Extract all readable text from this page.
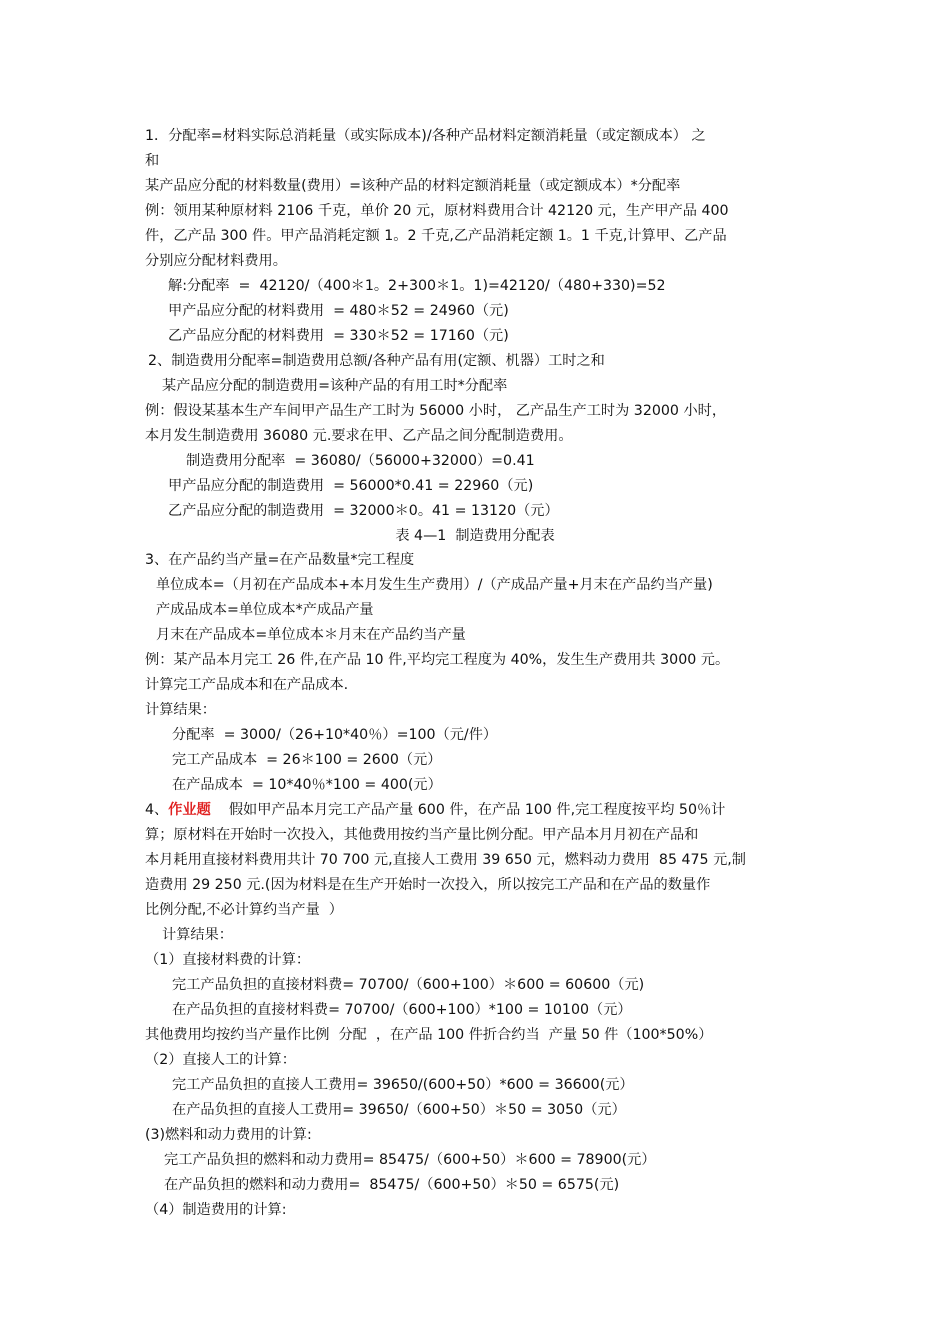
1．分配率=材料实际总消耗量（或实际成本)/各种产品材料定额消耗量（或定额成本） 之
和
某产品应分配的材料数量(费用）=该种产品的材料定额消耗量（或定额成本）*分配率
例：领用某种原材料 2106 千克，单价 20 元，原材料费用合计 42120 元，生产甲产品 400
件，乙产品 300 件。甲产品消耗定额 1。2 千克,乙产品消耗定额 1。1 千克,计算甲、乙产品
分别应分配材料费用。
解:分配率  =  42120/（400＊1。2+300＊1。1)=42120/（480+330)=52
甲产品应分配的材料费用  = 480＊52 = 24960（元)
乙产品应分配的材料费用  = 330＊52 = 17160（元)
2、制造费用分配率=制造费用总额/各种产品有用(定额、机器）工时之和
某产品应分配的制造费用=该种产品的有用工时*分配率
例：假设某基本生产车间甲产品生产工时为 56000 小时， 乙产品生产工时为 32000 小时，
本月发生制造费用 36080 元.要求在甲、乙产品之间分配制造费用。
制造费用分配率  = 36080/（56000+32000）=0.41
甲产品应分配的制造费用  = 56000*0.41 = 22960（元)
乙产品应分配的制造费用  = 32000＊0。41 = 13120（元）
表 4—1  制造费用分配表
3、在产品约当产量=在产品数量*完工程度
单位成本=（月初在产品成本+本月发生生产费用）/（产成品产量+月末在产品约当产量)
产成品成本=单位成本*产成品产量
月末在产品成本=单位成本＊月末在产品约当产量
例：某产品本月完工 26 件,在产品 10 件,平均完工程度为 40%，发生生产费用共 3000 元。
计算完工产品成本和在产品成本.
计算结果：
分配率  = 3000/（26+10*40％）=100（元/件）
完工产品成本  = 26＊100 = 2600（元）
在产品成本  = 10*40％*100 = 400(元）
4、作业题    假如甲产品本月完工产品产量 600 件，在产品 100 件,完工程度按平均 50％计
算；原材料在开始时一次投入，其他费用按约当产量比例分配。甲产品本月月初在产品和
本月耗用直接材料费用共计 70 700 元,直接人工费用 39 650 元，燃料动力费用  85 475 元,制
造费用 29 250 元.(因为材料是在生产开始时一次投入，所以按完工产品和在产品的数量作
比例分配,不必计算约当产量  ）
计算结果：
（1）直接材料费的计算：
完工产品负担的直接材料费= 70700/（600+100）＊600 = 60600（元)
在产品负担的直接材料费= 70700/（600+100）*100 = 10100（元）
其他费用均按约当产量作比例  分配  ，在产品 100 件折合约当  产量 50 件（100*50%）
（2）直接人工的计算：
完工产品负担的直接人工费用= 39650/(600+50）*600 = 36600(元）
在产品负担的直接人工费用= 39650/（600+50）＊50 = 3050（元）
(3)燃料和动力费用的计算:
完工产品负担的燃料和动力费用= 85475/（600+50）＊600 = 78900(元）
在产品负担的燃料和动力费用=  85475/（600+50）＊50 = 6575(元)
（4）制造费用的计算:
